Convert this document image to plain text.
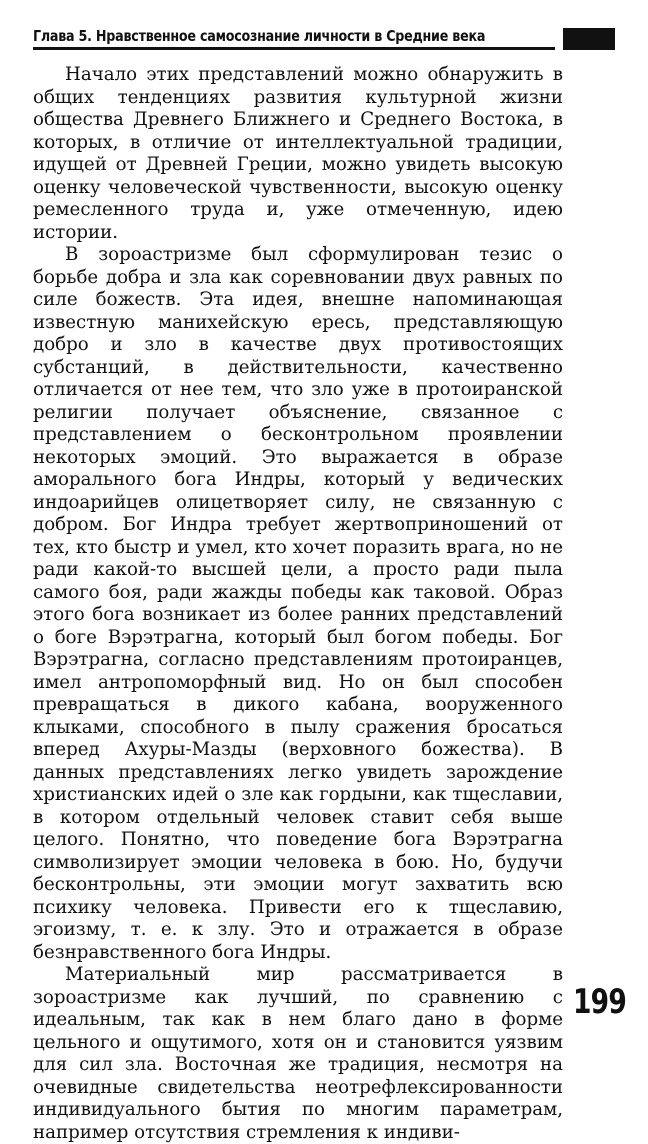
Глава 5. Нравственное самосознание личности в Средние века

Начало этих представлений можно обнаружить в общих тенденциях развития культурной жизни общества Древнего Ближнего и Среднего Востока, в которых, в отличие от интеллектуальной традиции, идущей от Древней Греции, можно увидеть высокую оценку человеческой чувственности, высокую оценку ремесленного труда и, уже отмеченную, идею истории.

В зороастризме был сформулирован тезис о борьбе добра и зла как соревновании двух равных по силе божеств. Эта идея, внешне напоминающая известную манихейскую ересь, представляющую добро и зло в качестве двух противостоящих субстанций, в действительности, качественно отличается от нее тем, что зло уже в протоиранской религии получает объяснение, связанное с представлением о бесконтрольном проявлении некоторых эмоций. Это выражается в образе аморального бога Индры, который у ведических индоарийцев олицетворяет силу, не связанную с добром. Бог Индра требует жертвоприношений от тех, кто быстр и умел, кто хочет поразить врага, но не ради какой-то высшей цели, а просто ради пыла самого боя, ради жажды победы как таковой. Образ этого бога возникает из более ранних представлений о боге Вэрэтрагна, который был богом победы. Бог Вэрэтрагна, согласно представлениям протоиранцев, имел антропоморфный вид. Но он был способен превращаться в дикого кабана, вооруженного клыками, способного в пылу сражения бросаться вперед Ахуры-Мазды (верховного божества). В данных представлениях легко увидеть зарождение христианских идей о зле как гордыни, как тщеславии, в котором отдельный человек ставит себя выше целого. Понятно, что поведение бога Вэрэтрагна символизирует эмоции человека в бою. Но, будучи бесконтрольны, эти эмоции могут захватить всю психику человека. Привести его к тщеславию, эгоизму, т. е. к злу. Это и отражается в образе безнравственного бога Индры.

Материальный мир рассматривается в зороастризме как лучший, по сравнению с идеальным, так как в нем благо дано в форме цельного и ощутимого, хотя он и становится уязвим для сил зла. Восточная же традиция, несмотря на очевидные свидетельства неотрефлексированности индивидуального бытия по многим параметрам, например отсутствия стремления к индиви-

199
